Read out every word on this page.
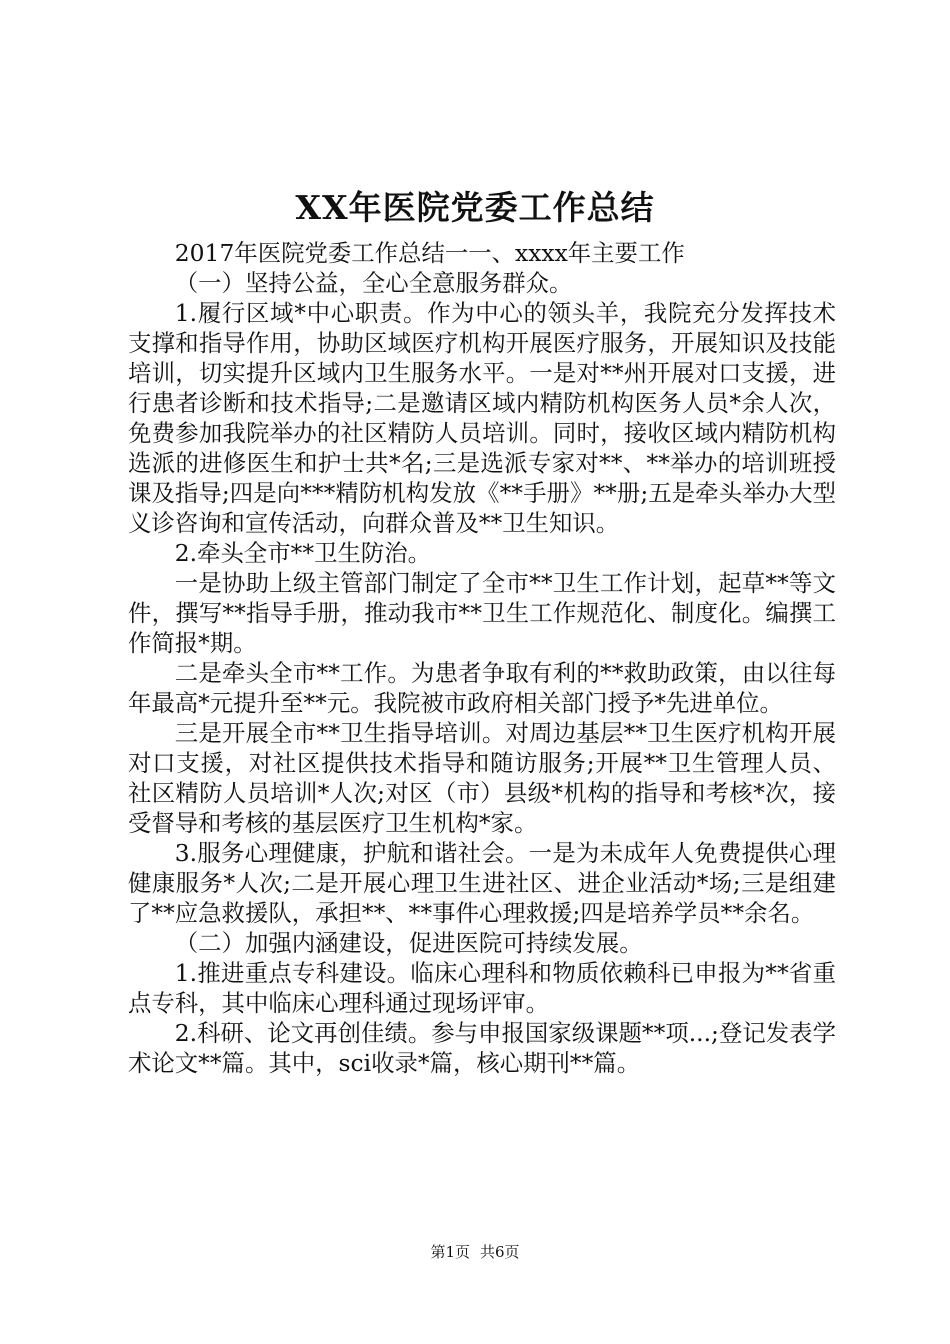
XX年医院党委工作总结

2017年医院党委工作总结一一、xxxx年主要工作

（一）坚持公益，全心全意服务群众。

1.履行区域*中心职责。作为中心的领头羊，我院充分发挥技术支撑和指导作用，协助区域医疗机构开展医疗服务，开展知识及技能培训，切实提升区域内卫生服务水平。一是对**州开展对口支援，进行患者诊断和技术指导;二是邀请区域内精防机构医务人员*余人次，免费参加我院举办的社区精防人员培训。同时，接收区域内精防机构选派的进修医生和护士共*名;三是选派专家对**、**举办的培训班授课及指导;四是向***精防机构发放《**手册》**册;五是牵头举办大型义诊咨询和宣传活动，向群众普及**卫生知识。

2.牵头全市**卫生防治。

一是协助上级主管部门制定了全市**卫生工作计划，起草**等文件，撰写**指导手册，推动我市**卫生工作规范化、制度化。编撰工作简报*期。

二是牵头全市**工作。为患者争取有利的**救助政策，由以往每年最高*元提升至**元。我院被市政府相关部门授予*先进单位。

三是开展全市**卫生指导培训。对周边基层**卫生医疗机构开展对口支援，对社区提供技术指导和随访服务;开展**卫生管理人员、社区精防人员培训*人次;对区（市）县级*机构的指导和考核*次，接受督导和考核的基层医疗卫生机构*家。

3.服务心理健康，护航和谐社会。一是为未成年人免费提供心理健康服务*人次;二是开展心理卫生进社区、进企业活动*场;三是组建了**应急救援队，承担**、**事件心理救援;四是培养学员**余名。

（二）加强内涵建设，促进医院可持续发展。

1.推进重点专科建设。临床心理科和物质依赖科已申报为**省重点专科，其中临床心理科通过现场评审。

2.科研、论文再创佳绩。参与申报国家级课题**项...;登记发表学术论文**篇。其中，sci收录*篇，核心期刊**篇。

第1页 共6页
